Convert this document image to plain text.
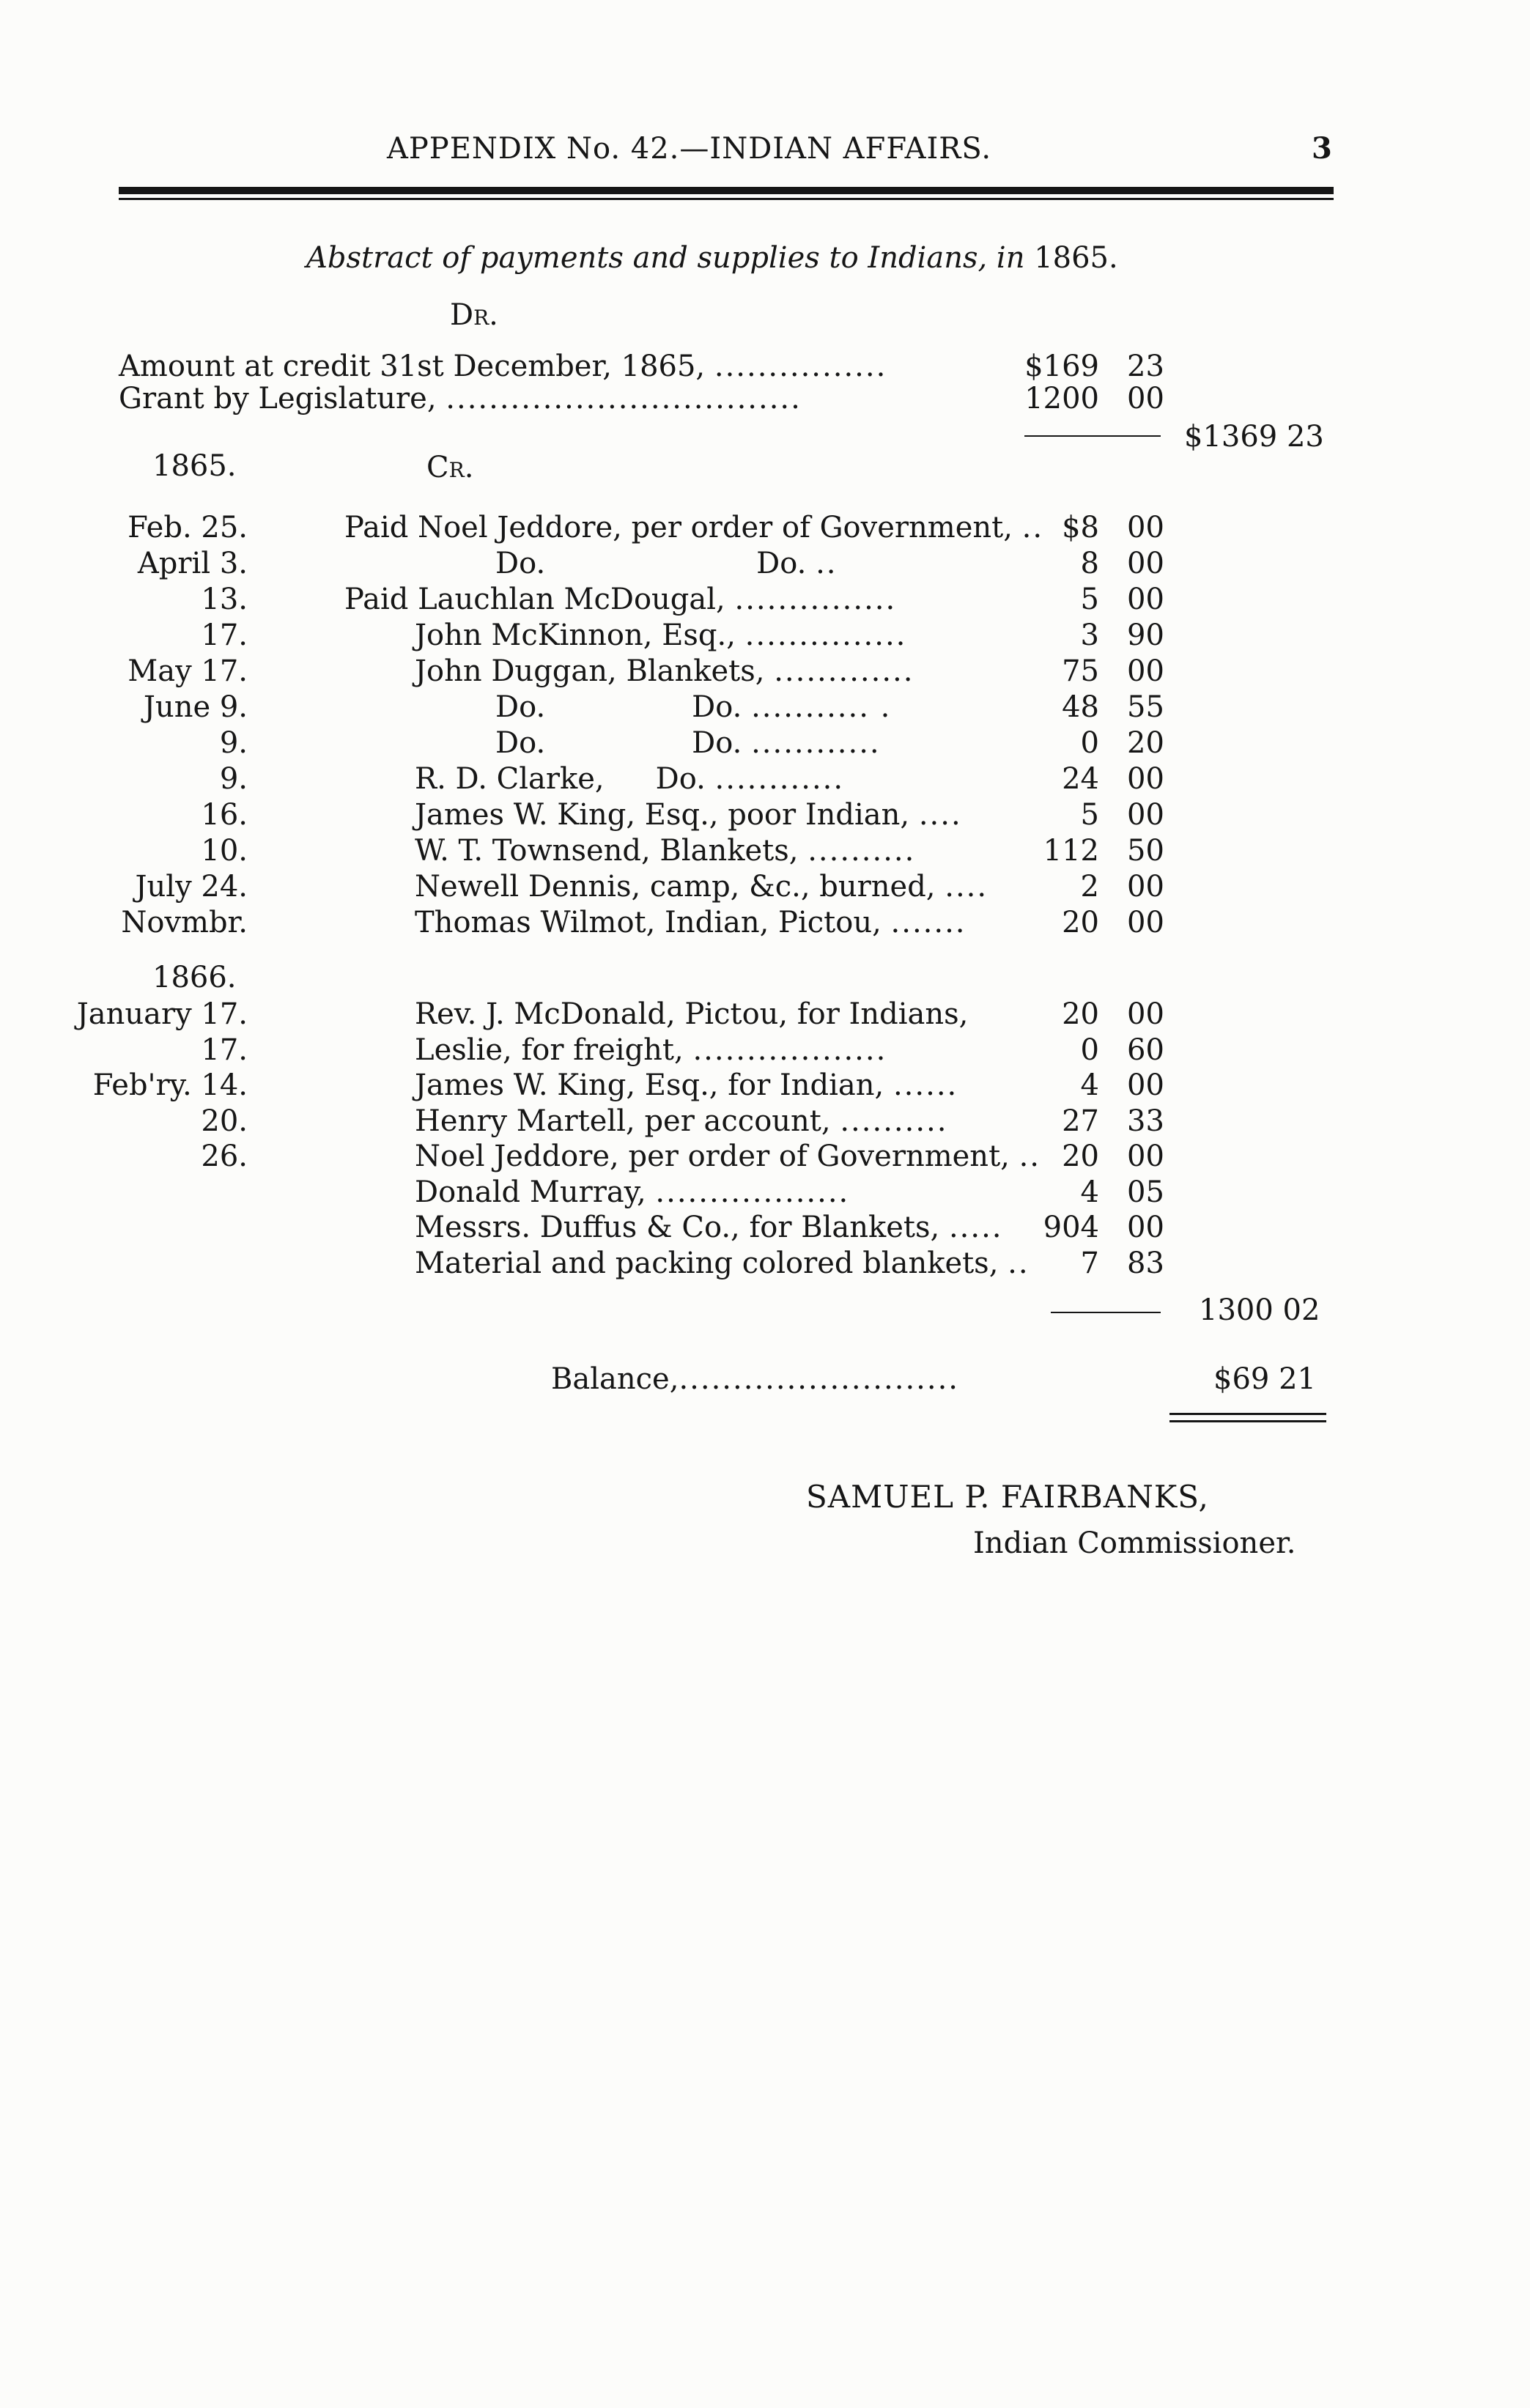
APPENDIX No. 42.—INDIAN AFFAIRS.	3
Abstract of payments and supplies to Indians, in 1865.
Dr.
Amount at credit 31st December, 1865, ................	$169 23
Grant by Legislature, .................................	1200 00
$1369 23
1865.	Cr.
Feb. 25.	Paid Noel Jeddore, per order of Government, .. $8 00
April 3.	Do.	Do. ..	8 00
13.	Paid Lauchlan McDougal, ...............	5 00
17.	John McKinnon, Esq., ...............	3 90
May 17.	John Duggan, Blankets, .............	75 00
June 9.	Do.	Do. ........... .	48 55
9.	Do.	Do. ............	0 20
9.	R. D. Clarke, Do. ............	24 00
16.	James W. King, Esq., poor Indian, ....	5 00
10.	W. T. Townsend, Blankets, ..........	112 50
July 24.	Newell Dennis, camp, &c., burned, ....	2 00
Novmbr.	Thomas Wilmot, Indian, Pictou, .......	20 00
1866.
January 17.	Rev. J. McDonald, Pictou, for Indians,	20 00
17.	Leslie, for freight, ..................	0 60
Feb'ry. 14.	James W. King, Esq., for Indian, ......	4 00
20.	Henry Martell, per account, ..........	27 33
26.	Noel Jeddore, per order of Government, .. 20 00
Donald Murray, ..................	4 05
Messrs. Duffus & Co., for Blankets, ..... 904 00
Material and packing colored blankets, .. 7 83
1300 02
Balance,..........................	$69 21
SAMUEL P. FAIRBANKS,
Indian Commissioner.
